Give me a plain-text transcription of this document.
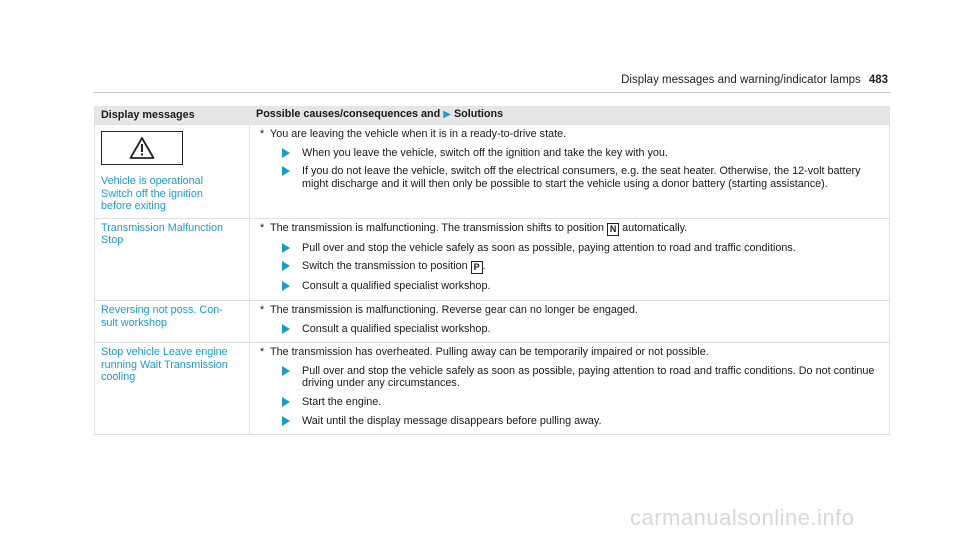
Display messages and warning/indicator lamps 483
Display messages	Possible causes/consequences and ▶ Solutions

Vehicle is operational Switch off the ignition before exiting	* You are leaving the vehicle when it is in a ready-to-drive state.
When you leave the vehicle, switch off the ignition and take the key with you.
If you do not leave the vehicle, switch off the electrical consumers, e.g. the seat heater. Otherwise, the 12-volt battery might discharge and it will then only be possible to start the vehicle using a donor battery (starting assistance).

Transmission Malfunction Stop	* The transmission is malfunctioning. The transmission shifts to position N automatically.
Pull over and stop the vehicle safely as soon as possible, paying attention to road and traffic conditions.
Switch the transmission to position P .
Consult a qualified specialist workshop.

Reversing not poss. Con- sult workshop	* The transmission is malfunctioning. Reverse gear can no longer be engaged.
Consult a qualified specialist workshop.

Stop vehicle Leave engine running Wait Transmission cooling	* The transmission has overheated. Pulling away can be temporarily impaired or not possible.
Pull over and stop the vehicle safely as soon as possible, paying attention to road and traffic conditions. Do not continue driving under any circumstances.
Start the engine.
Wait until the display message disappears before pulling away.
carmanualsonline.info
